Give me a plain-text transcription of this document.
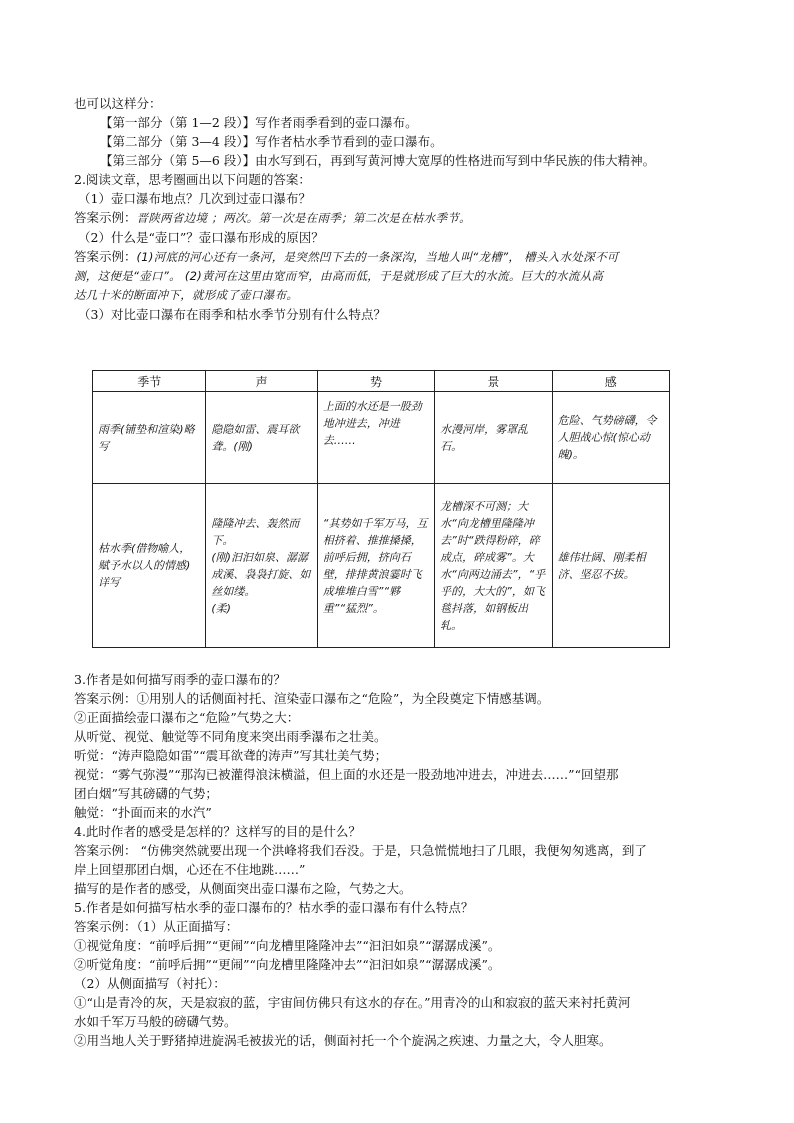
也可以这样分：
【第一部分（第 1—2 段）】写作者雨季看到的壶口瀑布。
【第二部分（第 3—4 段）】写作者枯水季节看到的壶口瀑布。
【第三部分（第 5—6 段）】由水写到石，再到写黄河博大宽厚的性格进而写到中华民族的伟大精神。
2.阅读文章，思考圈画出以下问题的答案：
（1）壶口瀑布地点？几次到过壶口瀑布？
答案示例：晋陕两省边境 ；两次。第一次是在雨季；第二次是在枯水季节。
（2）什么是“壶口”？壶口瀑布形成的原因？
答案示例：(1)河底的河心还有一条河，是突然凹下去的一条深沟，当地人叫“龙槽”， 槽头入水处深不可
测，这便是“壶口”。 (2)黄河在这里由宽而窄，由高而低，于是就形成了巨大的水流。巨大的水流从高
达几十米的断面冲下，就形成了壶口瀑布。
（3）对比壶口瀑布在雨季和枯水季节分别有什么特点？
季节	声	势	景	感
雨季(铺垫和渲染)略写	隐隐如雷、震耳欲聋。(刚)	上面的水还是一股劲地冲进去，冲进
去……	水漫河岸，雾罩乱石。	危险、气势磅礴，令人胆战心惊(惊心动魄)。
枯水季(借物喻人，赋予水以人的情感)详写	隆隆冲去、轰然而下。
(刚)汩汩如泉、潺潺成溪、袅袅打旋、如丝如缕。
(柔)	“其势如千军万马，互相挤着、推推搡搡，前呼后拥，挤向石壁，排排黄浪霎时飞成堆堆白雪”“夥重”“猛烈”。	龙槽深不可测；大水“向龙槽里隆隆冲去”时“跌得粉碎，碎成点，碎成雾”。大水“向两边涌去”，“乎乎的，大大的”，如飞毯抖落，如钢板出轧。	雄伟壮阔、刚柔相济、坚忍不拔。
3.作者是如何描写雨季的壶口瀑布的？
答案示例：①用别人的话侧面衬托、渲染壶口瀑布之“危险”，为全段奠定下情感基调。
②正面描绘壶口瀑布之“危险”气势之大：
从听觉、视觉、触觉等不同角度来突出雨季瀑布之壮美。
听觉：“涛声隐隐如雷”“震耳欲聋的涛声”写其壮美气势；
视觉：“雾气弥漫”“那沟已被灌得浪沫横溢，但上面的水还是一股劲地冲进去，冲进去……”“回望那
团白烟”写其磅礴的气势；
触觉：“扑面而来的水汽”
4.此时作者的感受是怎样的？这样写的目的是什么？
答案示例： “仿佛突然就要出现一个洪峰将我们吞没。于是，只急慌慌地扫了几眼，我便匆匆逃离，到了
岸上回望那团白烟，心还在不住地跳……”
描写的是作者的感受，从侧面突出壶口瀑布之险，气势之大。
5.作者是如何描写枯水季的壶口瀑布的？枯水季的壶口瀑布有什么特点？
答案示例：（1）从正面描写：
①视觉角度：“前呼后拥”“更闹”“向龙槽里隆隆冲去”“汩汩如泉”“潺潺成溪”。
②听觉角度：“前呼后拥”“更闹”“向龙槽里隆隆冲去”“汩汩如泉”“潺潺成溪”。
（2）从侧面描写（衬托）：
①“山是青冷的灰，天是寂寂的蓝，宇宙间仿佛只有这水的存在。”用青冷的山和寂寂的蓝天来衬托黄河
水如千军万马般的磅礴气势。
②用当地人关于野猪掉进旋涡毛被拔光的话，侧面衬托一个个旋涡之疾速、力量之大，令人胆寒。
